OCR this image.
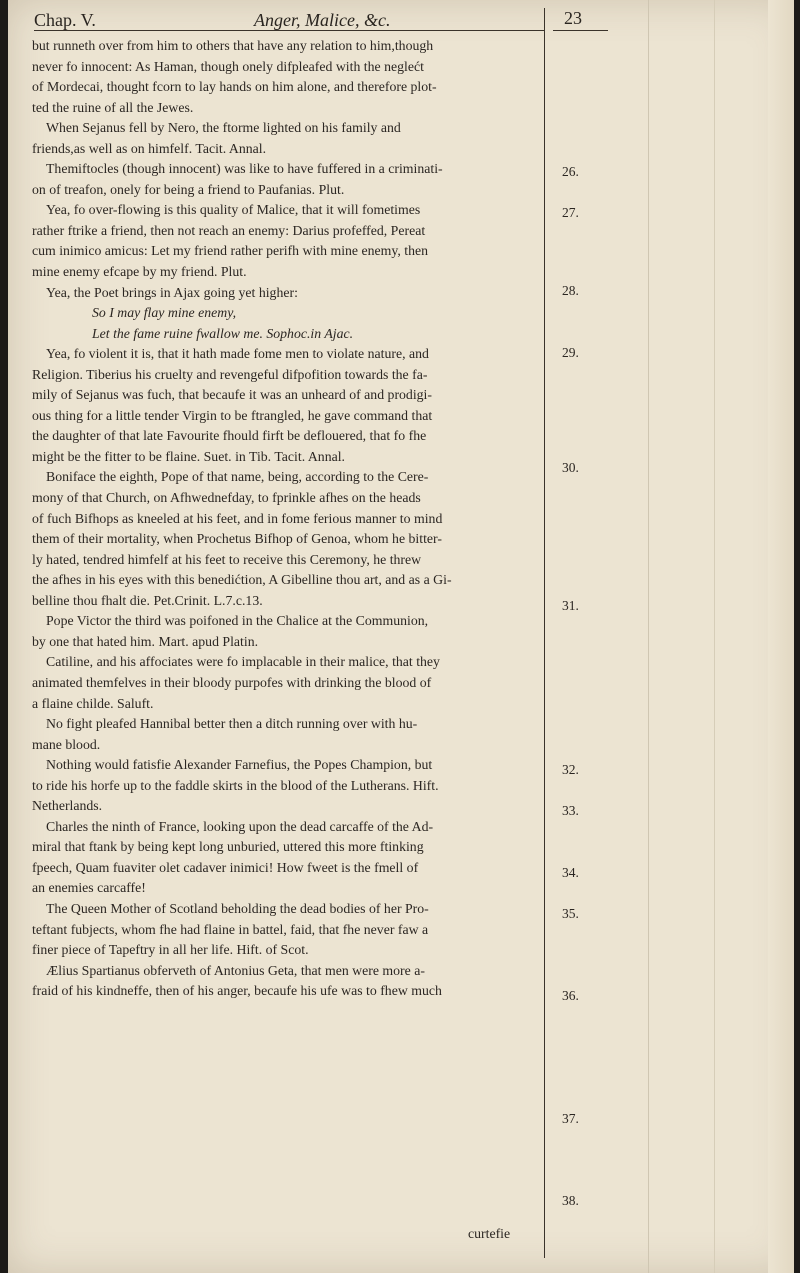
Chap. V.	Anger, Malice, &c.	23
but runneth over from him to others that have any relation to him,though
never fo innocent: As Haman, though onely difpleafed with the neglećt
of Mordecai, thought fcorn to lay hands on him alone, and therefore plot-
ted the ruine of all the Jewes.
When Sejanus fell by Nero, the ftorme lighted on his family and
friends,as well as on himfelf. Tacit. Annal.
Themiftocles (though innocent) was like to have fuffered in a criminati-
on of treafon, onely for being a friend to Paufanias. Plut.
Yea, fo over-flowing is this quality of Malice, that it will fometimes
rather ftrike a friend, then not reach an enemy: Darius profeffed, Pereat
cum inimico amicus: Let my friend rather perifh with mine enemy, then
mine enemy efcape by my friend. Plut.
Yea, the Poet brings in Ajax going yet higher:
So I may flay mine enemy,
Let the fame ruine fwallow me. Sophoc.in Ajac.
Yea, fo violent it is, that it hath made fome men to violate nature, and
Religion. Tiberius his cruelty and revengeful difpofition towards the fa-
mily of Sejanus was fuch, that becaufe it was an unheard of and prodigi-
ous thing for a little tender Virgin to be ftrangled, he gave command that
the daughter of that late Favourite fhould firft be deflouered, that fo fhe
might be the fitter to be flaine. Suet. in Tib. Tacit. Annal.
Boniface the eighth, Pope of that name, being, according to the Cere-
mony of that Church, on Afhwednefday, to fprinkle afhes on the heads
of fuch Bifhops as kneeled at his feet, and in fome ferious manner to mind
them of their mortality, when Prochetus Bifhop of Genoa, whom he bitter-
ly hated, tendred himfelf at his feet to receive this Ceremony, he threw
the afhes in his eyes with this benedićtion, A Gibelline thou art, and as a Gi-
belline thou fhalt die. Pet.Crinit. L.7.c.13.
Pope Victor the third was poifoned in the Chalice at the Communion,
by one that hated him. Mart. apud Platin.
Catiline, and his affociates were fo implacable in their malice, that they
animated themfelves in their bloody purpofes with drinking the blood of
a flaine childe. Saluft.
No fight pleafed Hannibal better then a ditch running over with hu-
mane blood.
Nothing would fatisfie Alexander Farnefius, the Popes Champion, but
to ride his horfe up to the faddle skirts in the blood of the Lutherans. Hift.
Netherlands.
Charles the ninth of France, looking upon the dead carcaffe of the Ad-
miral that ftank by being kept long unburied, uttered this more ftinking
fpeech, Quam fuaviter olet cadaver inimici! How fweet is the fmell of
an enemies carcaffe!
The Queen Mother of Scotland beholding the dead bodies of her Pro-
teftant fubjects, whom fhe had flaine in battel, faid, that fhe never faw a
finer piece of Tapeftry in all her life. Hift. of Scot.
Ælius Spartianus obferveth of Antonius Geta, that men were more a-
fraid of his kindneffe, then of his anger, becaufe his ufe was to fhew much
curtefie
26.
27.
28.
29.
30.
31.
32.
33.
34.
35.
36.
37.
38.
